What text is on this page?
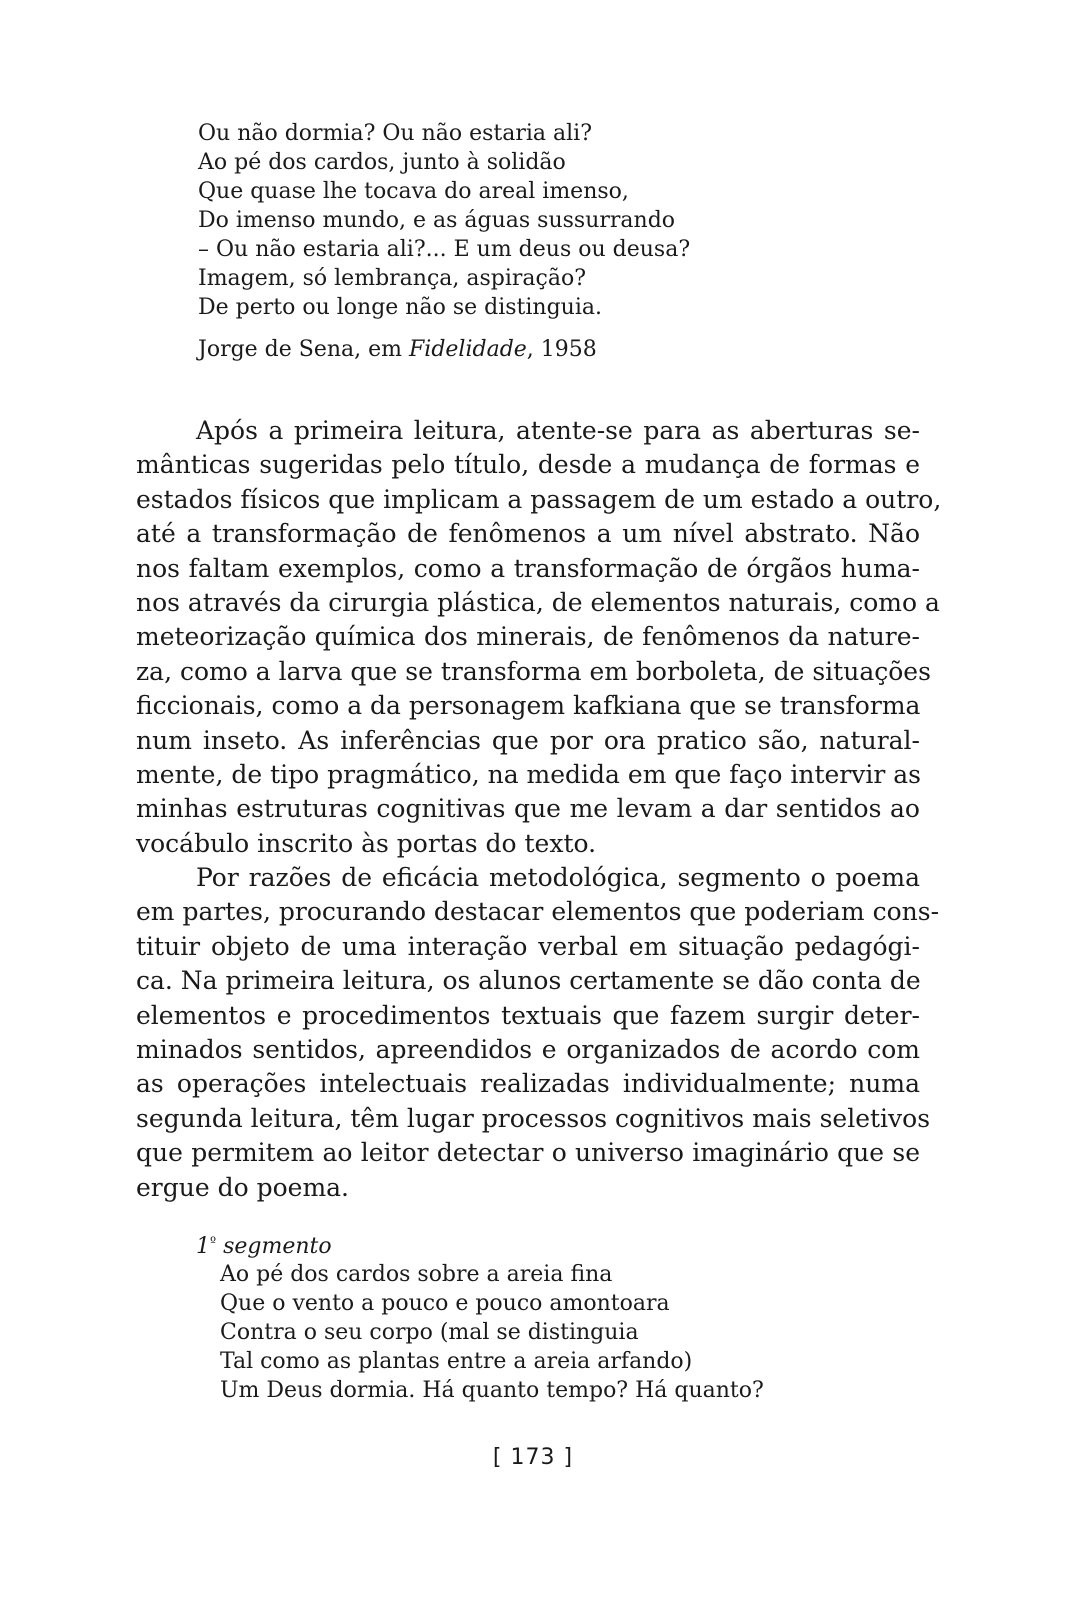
Ou não dormia? Ou não estaria ali?
Ao pé dos cardos, junto à solidão
Que quase lhe tocava do areal imenso,
Do imenso mundo, e as águas sussurrando
– Ou não estaria ali?... E um deus ou deusa?
Imagem, só lembrança, aspiração?
De perto ou longe não se distinguia.
Jorge de Sena, em Fidelidade, 1958
Após a primeira leitura, atente-se para as aberturas se-
mânticas sugeridas pelo título, desde a mudança de formas e
estados físicos que implicam a passagem de um estado a outro,
até a transformação de fenômenos a um nível abstrato. Não
nos faltam exemplos, como a transformação de órgãos huma-
nos através da cirurgia plástica, de elementos naturais, como a
meteorização química dos minerais, de fenômenos da nature-
za, como a larva que se transforma em borboleta, de situações
ficcionais, como a da personagem kafkiana que se transforma
num inseto. As inferências que por ora pratico são, natural-
mente, de tipo pragmático, na medida em que faço intervir as
minhas estruturas cognitivas que me levam a dar sentidos ao
vocábulo inscrito às portas do texto.
Por razões de eficácia metodológica, segmento o poema
em partes, procurando destacar elementos que poderiam cons-
tituir objeto de uma interação verbal em situação pedagógi-
ca. Na primeira leitura, os alunos certamente se dão conta de
elementos e procedimentos textuais que fazem surgir deter-
minados sentidos, apreendidos e organizados de acordo com
as operações intelectuais realizadas individualmente; numa
segunda leitura, têm lugar processos cognitivos mais seletivos
que permitem ao leitor detectar o universo imaginário que se
ergue do poema.
$1^º$ segmento
Ao pé dos cardos sobre a areia fina
Que o vento a pouco e pouco amontoara
Contra o seu corpo (mal se distinguia
Tal como as plantas entre a areia arfando)
Um Deus dormia. Há quanto tempo? Há quanto?
[ 173 ]
